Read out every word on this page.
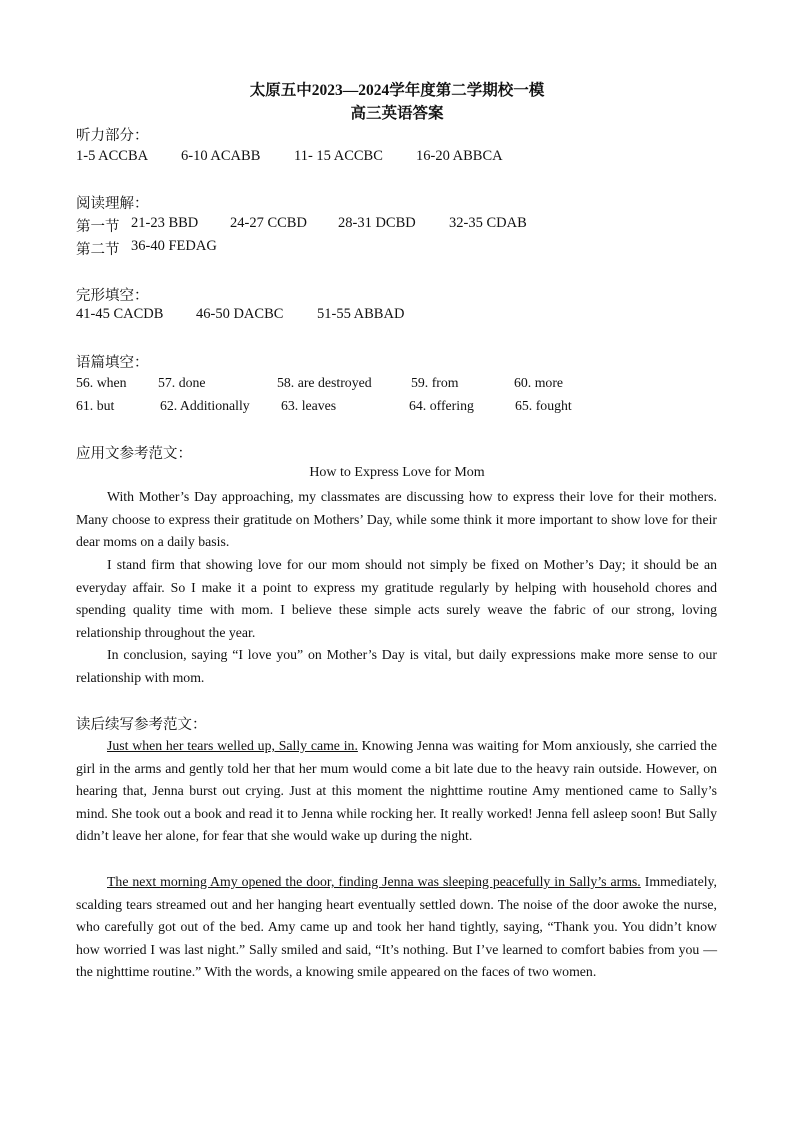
太原五中2023—2024学年度第二学期校一模
高三英语答案
听力部分：
1-5 ACCBA 6-10 ACABB 11- 15 ACCBC 16-20 ABBCA
阅读理解：
第一节 21-23 BBD 24-27 CCBD 28-31 DCBD 32-35 CDAB
第二节 36-40 FEDAG
完形填空：
41-45 CACDB 46-50 DACBC 51-55 ABBAD
语篇填空：
56. when 57. done	58. are destroyed	59. from	60. more
61. but	62. Additionally 63. leaves	64. offering	65. fought
应用文参考范文：
How to Express Love for Mom

With Mother’s Day approaching, my classmates are discussing how to express their love for their mothers. Many choose to express their gratitude on Mothers’ Day, while some think it more important to show love for their dear moms on a daily basis.

I stand firm that showing love for our mom should not simply be fixed on Mother’s Day; it should be an everyday affair. So I make it a point to express my gratitude regularly by helping with household chores and spending quality time with mom. I believe these simple acts surely weave the fabric of our strong, loving relationship throughout the year.

In conclusion, saying “I love you” on Mother’s Day is vital, but daily expressions make more sense to our relationship with mom.

读后续写参考范文：

Just when her tears welled up, Sally came in. Knowing Jenna was waiting for Mom anxiously, she carried the girl in the arms and gently told her that her mum would come a bit late due to the heavy rain outside. However, on hearing that, Jenna burst out crying. Just at this moment the nighttime routine Amy mentioned came to Sally’s mind. She took out a book and read it to Jenna while rocking her. It really worked! Jenna fell asleep soon! But Sally didn’t leave her alone, for fear that she would wake up during the night.

The next morning Amy opened the door, finding Jenna was sleeping peacefully in Sally’s arms. Immediately, scalding tears streamed out and her hanging heart eventually settled down. The noise of the door awoke the nurse, who carefully got out of the bed. Amy came up and took her hand tightly, saying, “Thank you. You didn’t know how worried I was last night.” Sally smiled and said, “It’s nothing. But I’ve learned to comfort babies from you — the nighttime routine.” With the words, a knowing smile appeared on the faces of two women.
